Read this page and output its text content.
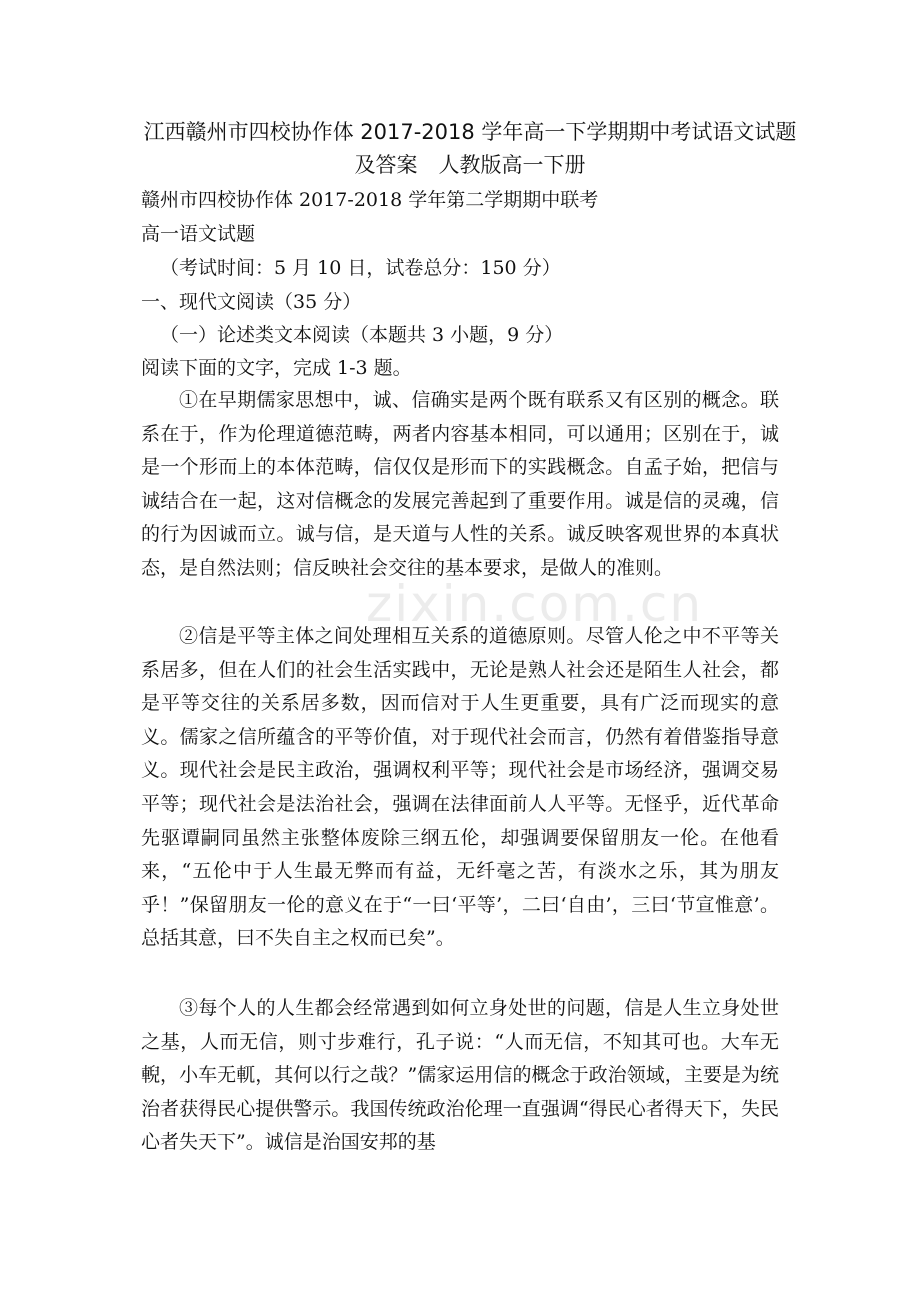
zixin.com.cn
江西赣州市四校协作体 2017-2018 学年高一下学期期中考试语文试题及答案　人教版高一下册
赣州市四校协作体 2017-2018 学年第二学期期中联考
高一语文试题
（考试时间：5 月 10 日，试卷总分：150 分）
一、现代文阅读（35 分）
（一）论述类文本阅读（本题共 3 小题，9 分）
阅读下面的文字，完成 1-3 题。
①在早期儒家思想中，诚、信确实是两个既有联系又有区别的概念。联系在于，作为伦理道德范畴，两者内容基本相同，可以通用；区别在于，诚是一个形而上的本体范畴，信仅仅是形而下的实践概念。自孟子始，把信与诚结合在一起，这对信概念的发展完善起到了重要作用。诚是信的灵魂，信的行为因诚而立。诚与信，是天道与人性的关系。诚反映客观世界的本真状态，是自然法则；信反映社会交往的基本要求，是做人的准则。
②信是平等主体之间处理相互关系的道德原则。尽管人伦之中不平等关系居多，但在人们的社会生活实践中，无论是熟人社会还是陌生人社会，都是平等交往的关系居多数，因而信对于人生更重要，具有广泛而现实的意义。儒家之信所蕴含的平等价值，对于现代社会而言，仍然有着借鉴指导意义。现代社会是民主政治，强调权利平等；现代社会是市场经济，强调交易平等；现代社会是法治社会，强调在法律面前人人平等。无怪乎，近代革命先驱谭嗣同虽然主张整体废除三纲五伦，却强调要保留朋友一伦。在他看来，“五伦中于人生最无弊而有益，无纤毫之苦，有淡水之乐，其为朋友乎！”保留朋友一伦的意义在于“一曰‘平等’，二曰‘自由’，三曰‘节宣惟意’。总括其意，曰不失自主之权而已矣”。
③每个人的人生都会经常遇到如何立身处世的问题，信是人生立身处世之基，人而无信，则寸步难行，孔子说：“人而无信，不知其可也。大车无輗，小车无軏，其何以行之哉？”儒家运用信的概念于政治领域，主要是为统治者获得民心提供警示。我国传统政治伦理一直强调“得民心者得天下，失民心者失天下”。诚信是治国安邦的基
